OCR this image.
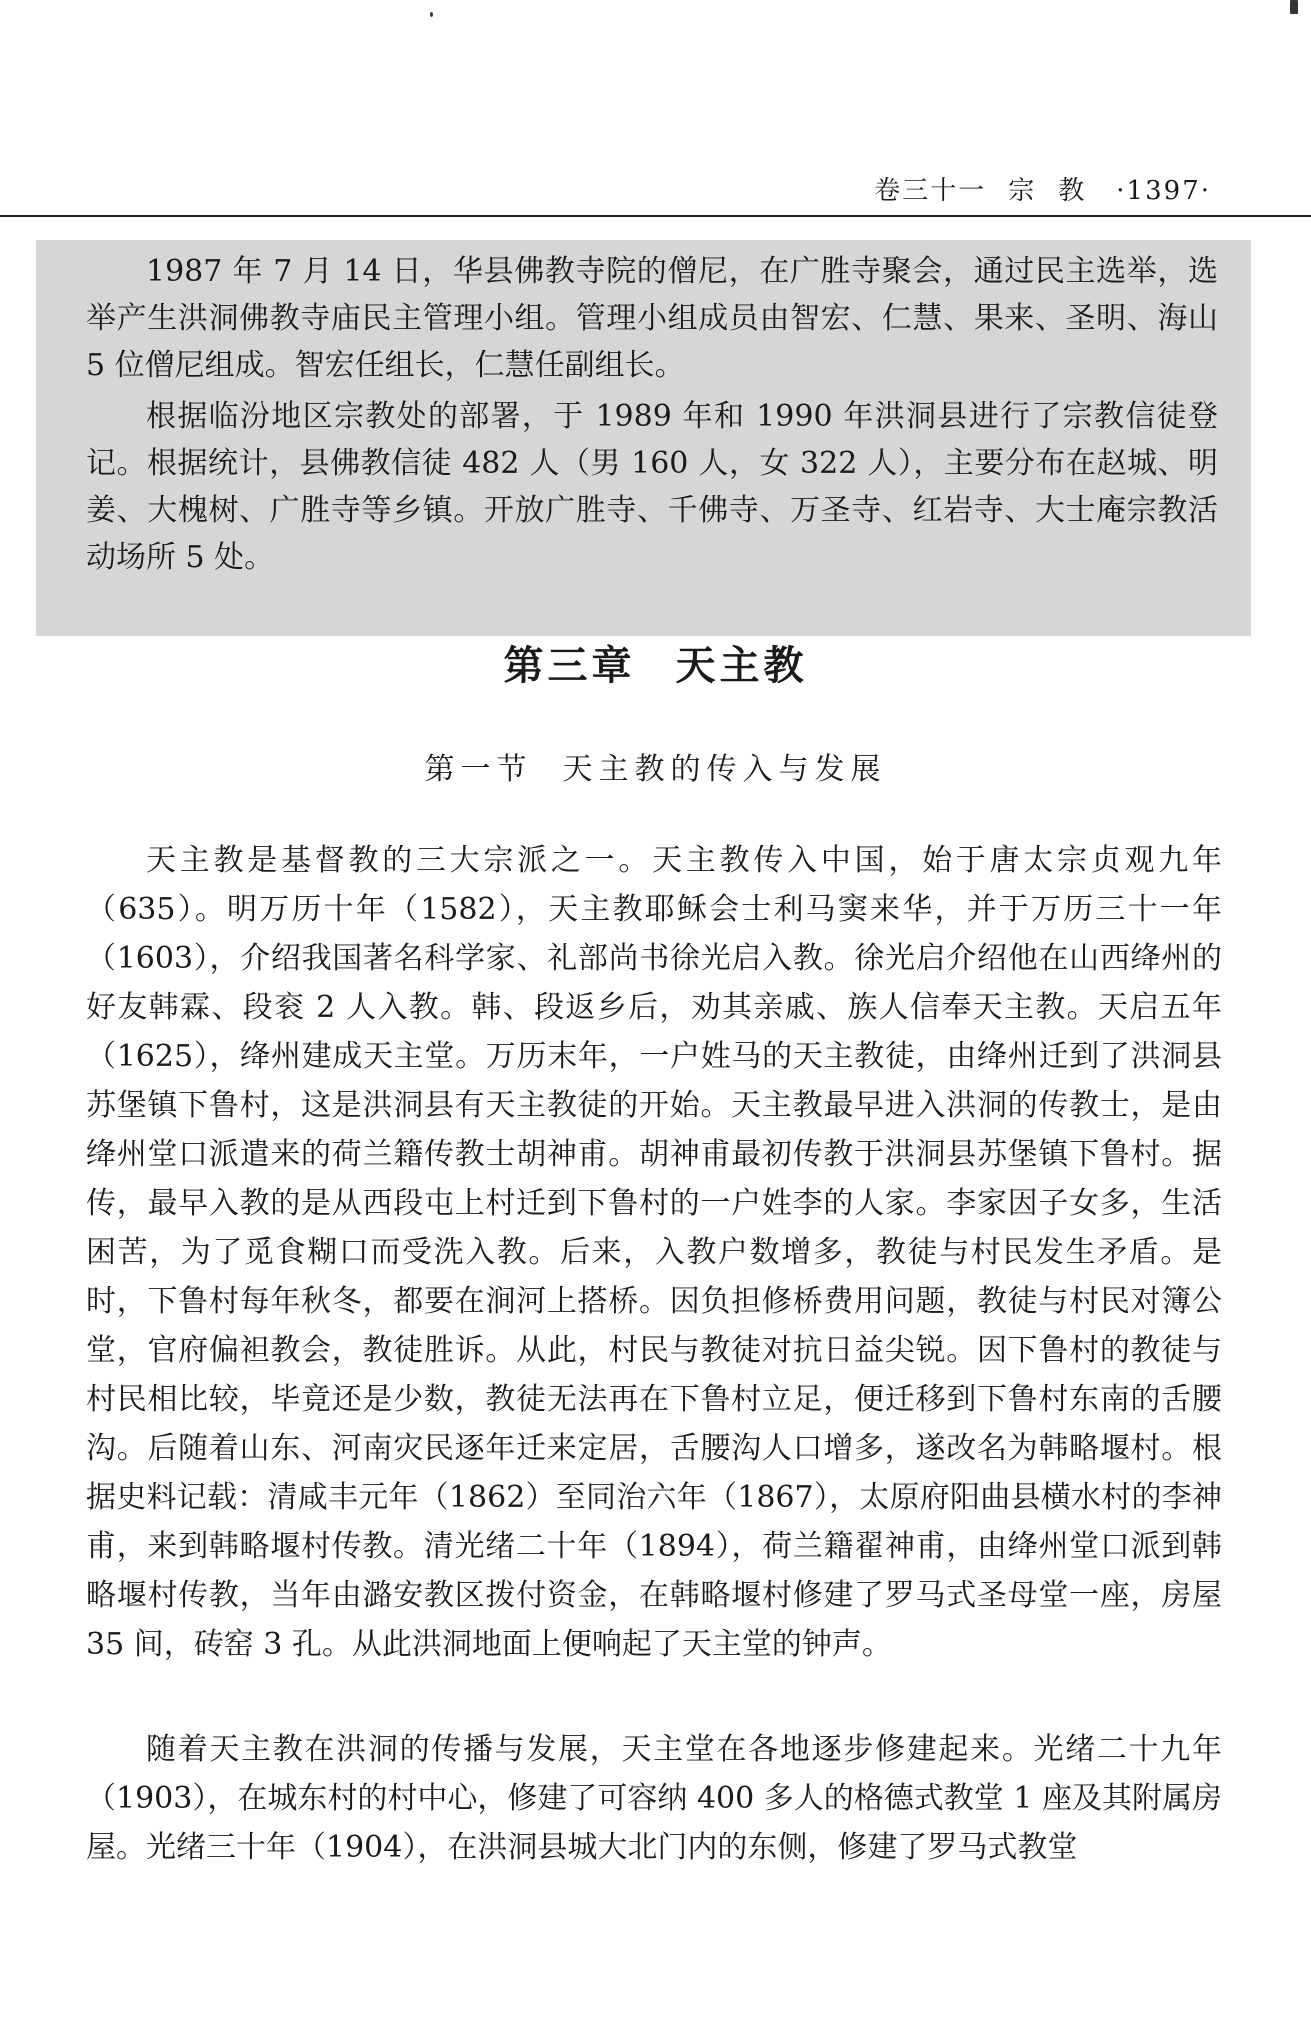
卷三十一 宗 教 ·1397·

1987 年 7 月 14 日，华县佛教寺院的僧尼，在广胜寺聚会，通过民主选举，选举产生洪洞佛教寺庙民主管理小组。管理小组成员由智宏、仁慧、果来、圣明、海山 5 位僧尼组成。智宏任组长，仁慧任副组长。

根据临汾地区宗教处的部署，于 1989 年和 1990 年洪洞县进行了宗教信徒登记。根据统计，县佛教信徒 482 人（男 160 人，女 322 人），主要分布在赵城、明姜、大槐树、广胜寺等乡镇。开放广胜寺、千佛寺、万圣寺、红岩寺、大士庵宗教活动场所 5 处。

第三章 天主教
第一节 天主教的传入与发展

天主教是基督教的三大宗派之一。天主教传入中国，始于唐太宗贞观九年（635）。明万历十年（1582），天主教耶稣会士利马窦来华，并于万历三十一年（1603），介绍我国著名科学家、礼部尚书徐光启入教。徐光启介绍他在山西绛州的好友韩霖、段衮 2 人入教。韩、段返乡后，劝其亲戚、族人信奉天主教。天启五年（1625），绛州建成天主堂。万历末年，一户姓马的天主教徒，由绛州迁到了洪洞县苏堡镇下鲁村，这是洪洞县有天主教徒的开始。天主教最早进入洪洞的传教士，是由绛州堂口派遣来的荷兰籍传教士胡神甫。胡神甫最初传教于洪洞县苏堡镇下鲁村。据传，最早入教的是从西段屯上村迁到下鲁村的一户姓李的人家。李家因子女多，生活困苦，为了觅食糊口而受洗入教。后来，入教户数增多，教徒与村民发生矛盾。是时，下鲁村每年秋冬，都要在涧河上搭桥。因负担修桥费用问题，教徒与村民对簿公堂，官府偏袒教会，教徒胜诉。从此，村民与教徒对抗日益尖锐。因下鲁村的教徒与村民相比较，毕竟还是少数，教徒无法再在下鲁村立足，便迁移到下鲁村东南的舌腰沟。后随着山东、河南灾民逐年迁来定居，舌腰沟人口增多，遂改名为韩略堰村。根据史料记载：清咸丰元年（1862）至同治六年（1867），太原府阳曲县横水村的李神甫，来到韩略堰村传教。清光绪二十年（1894），荷兰籍翟神甫，由绛州堂口派到韩略堰村传教，当年由潞安教区拨付资金，在韩略堰村修建了罗马式圣母堂一座，房屋 35 间，砖窑 3 孔。从此洪洞地面上便响起了天主堂的钟声。

随着天主教在洪洞的传播与发展，天主堂在各地逐步修建起来。光绪二十九年（1903），在城东村的村中心，修建了可容纳 400 多人的格德式教堂 1 座及其附属房屋。光绪三十年（1904），在洪洞县城大北门内的东侧，修建了罗马式教堂
